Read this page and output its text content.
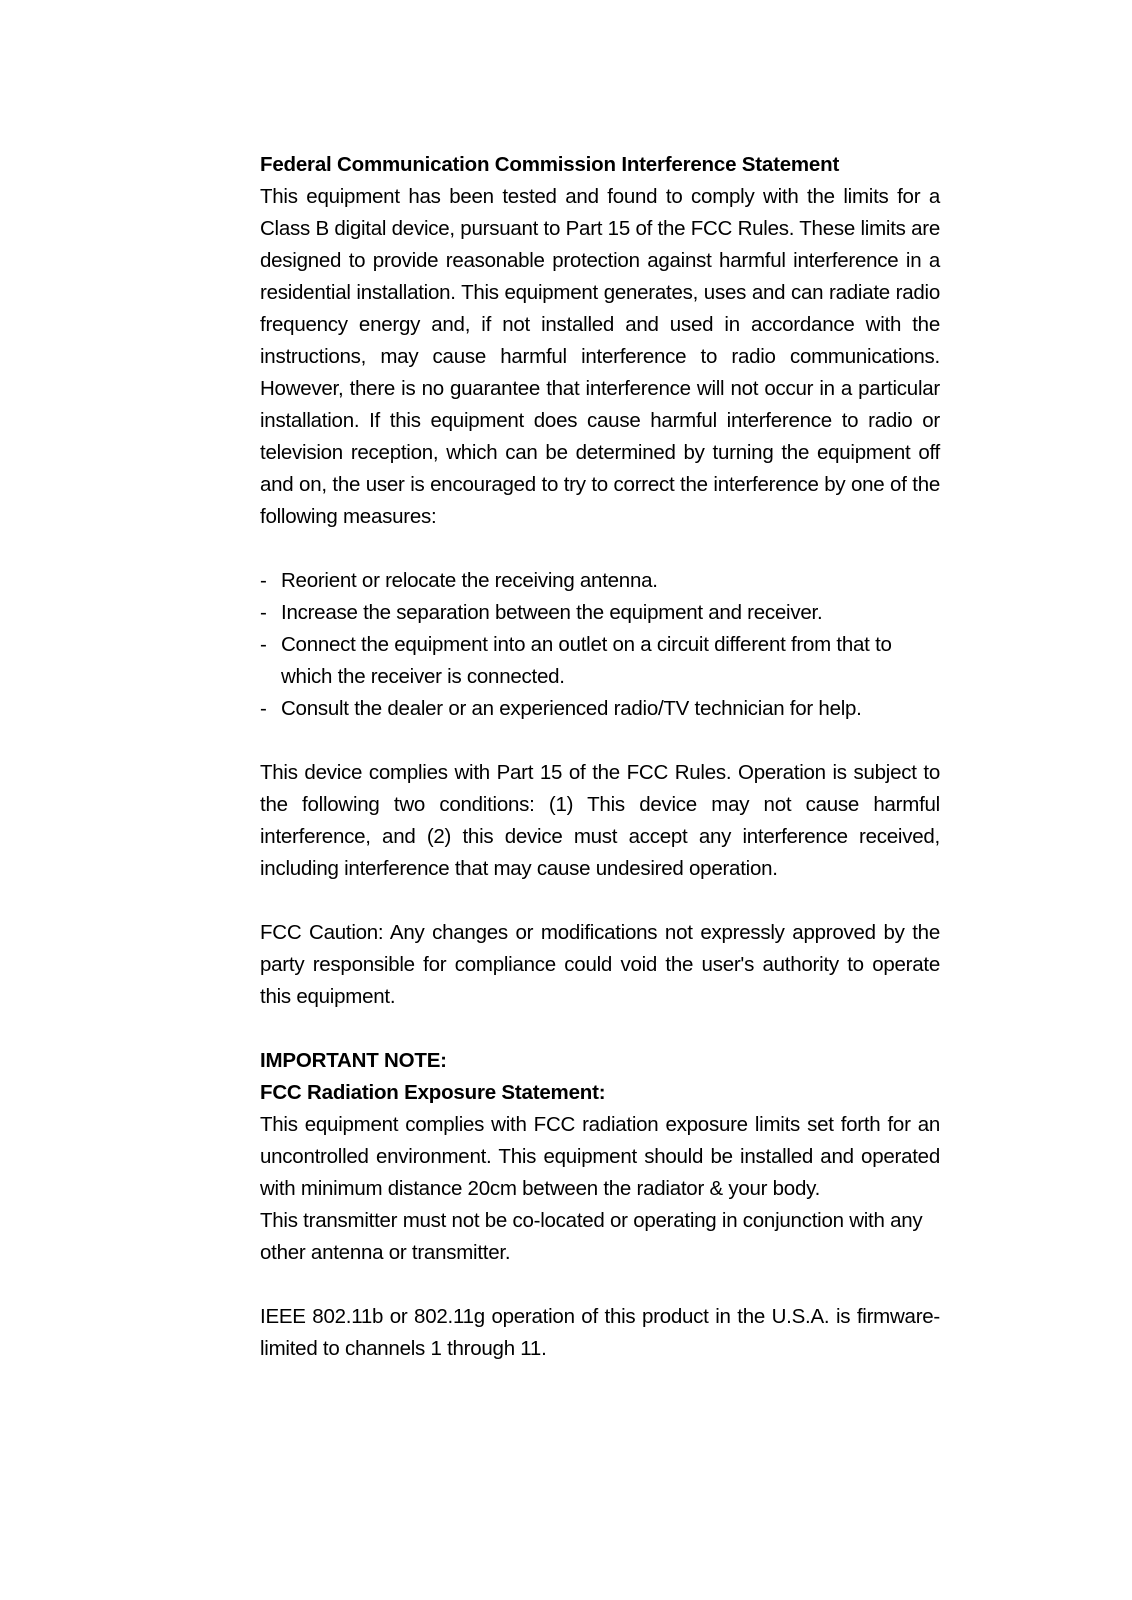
Federal Communication Commission Interference Statement

This equipment has been tested and found to comply with the limits for a Class B digital device, pursuant to Part 15 of the FCC Rules. These limits are designed to provide reasonable protection against harmful interference in a residential installation. This equipment generates, uses and can radiate radio frequency energy and, if not installed and used in accordance with the instructions, may cause harmful interference to radio communications. However, there is no guarantee that interference will not occur in a particular installation. If this equipment does cause harmful interference to radio or television reception, which can be determined by turning the equipment off and on, the user is encouraged to try to correct the interference by one of the following measures:

- Reorient or relocate the receiving antenna.
- Increase the separation between the equipment and receiver.
- Connect the equipment into an outlet on a circuit different from that to which the receiver is connected.
- Consult the dealer or an experienced radio/TV technician for help.

This device complies with Part 15 of the FCC Rules. Operation is subject to the following two conditions: (1) This device may not cause harmful interference, and (2) this device must accept any interference received, including interference that may cause undesired operation.

FCC Caution: Any changes or modifications not expressly approved by the party responsible for compliance could void the user's authority to operate this equipment.

IMPORTANT NOTE:

FCC Radiation Exposure Statement:

This equipment complies with FCC radiation exposure limits set forth for an uncontrolled environment. This equipment should be installed and operated with minimum distance 20cm between the radiator & your body.

This transmitter must not be co-located or operating in conjunction with any other antenna or transmitter.

IEEE 802.11b or 802.11g operation of this product in the U.S.A. is firmware-limited to channels 1 through 11.
